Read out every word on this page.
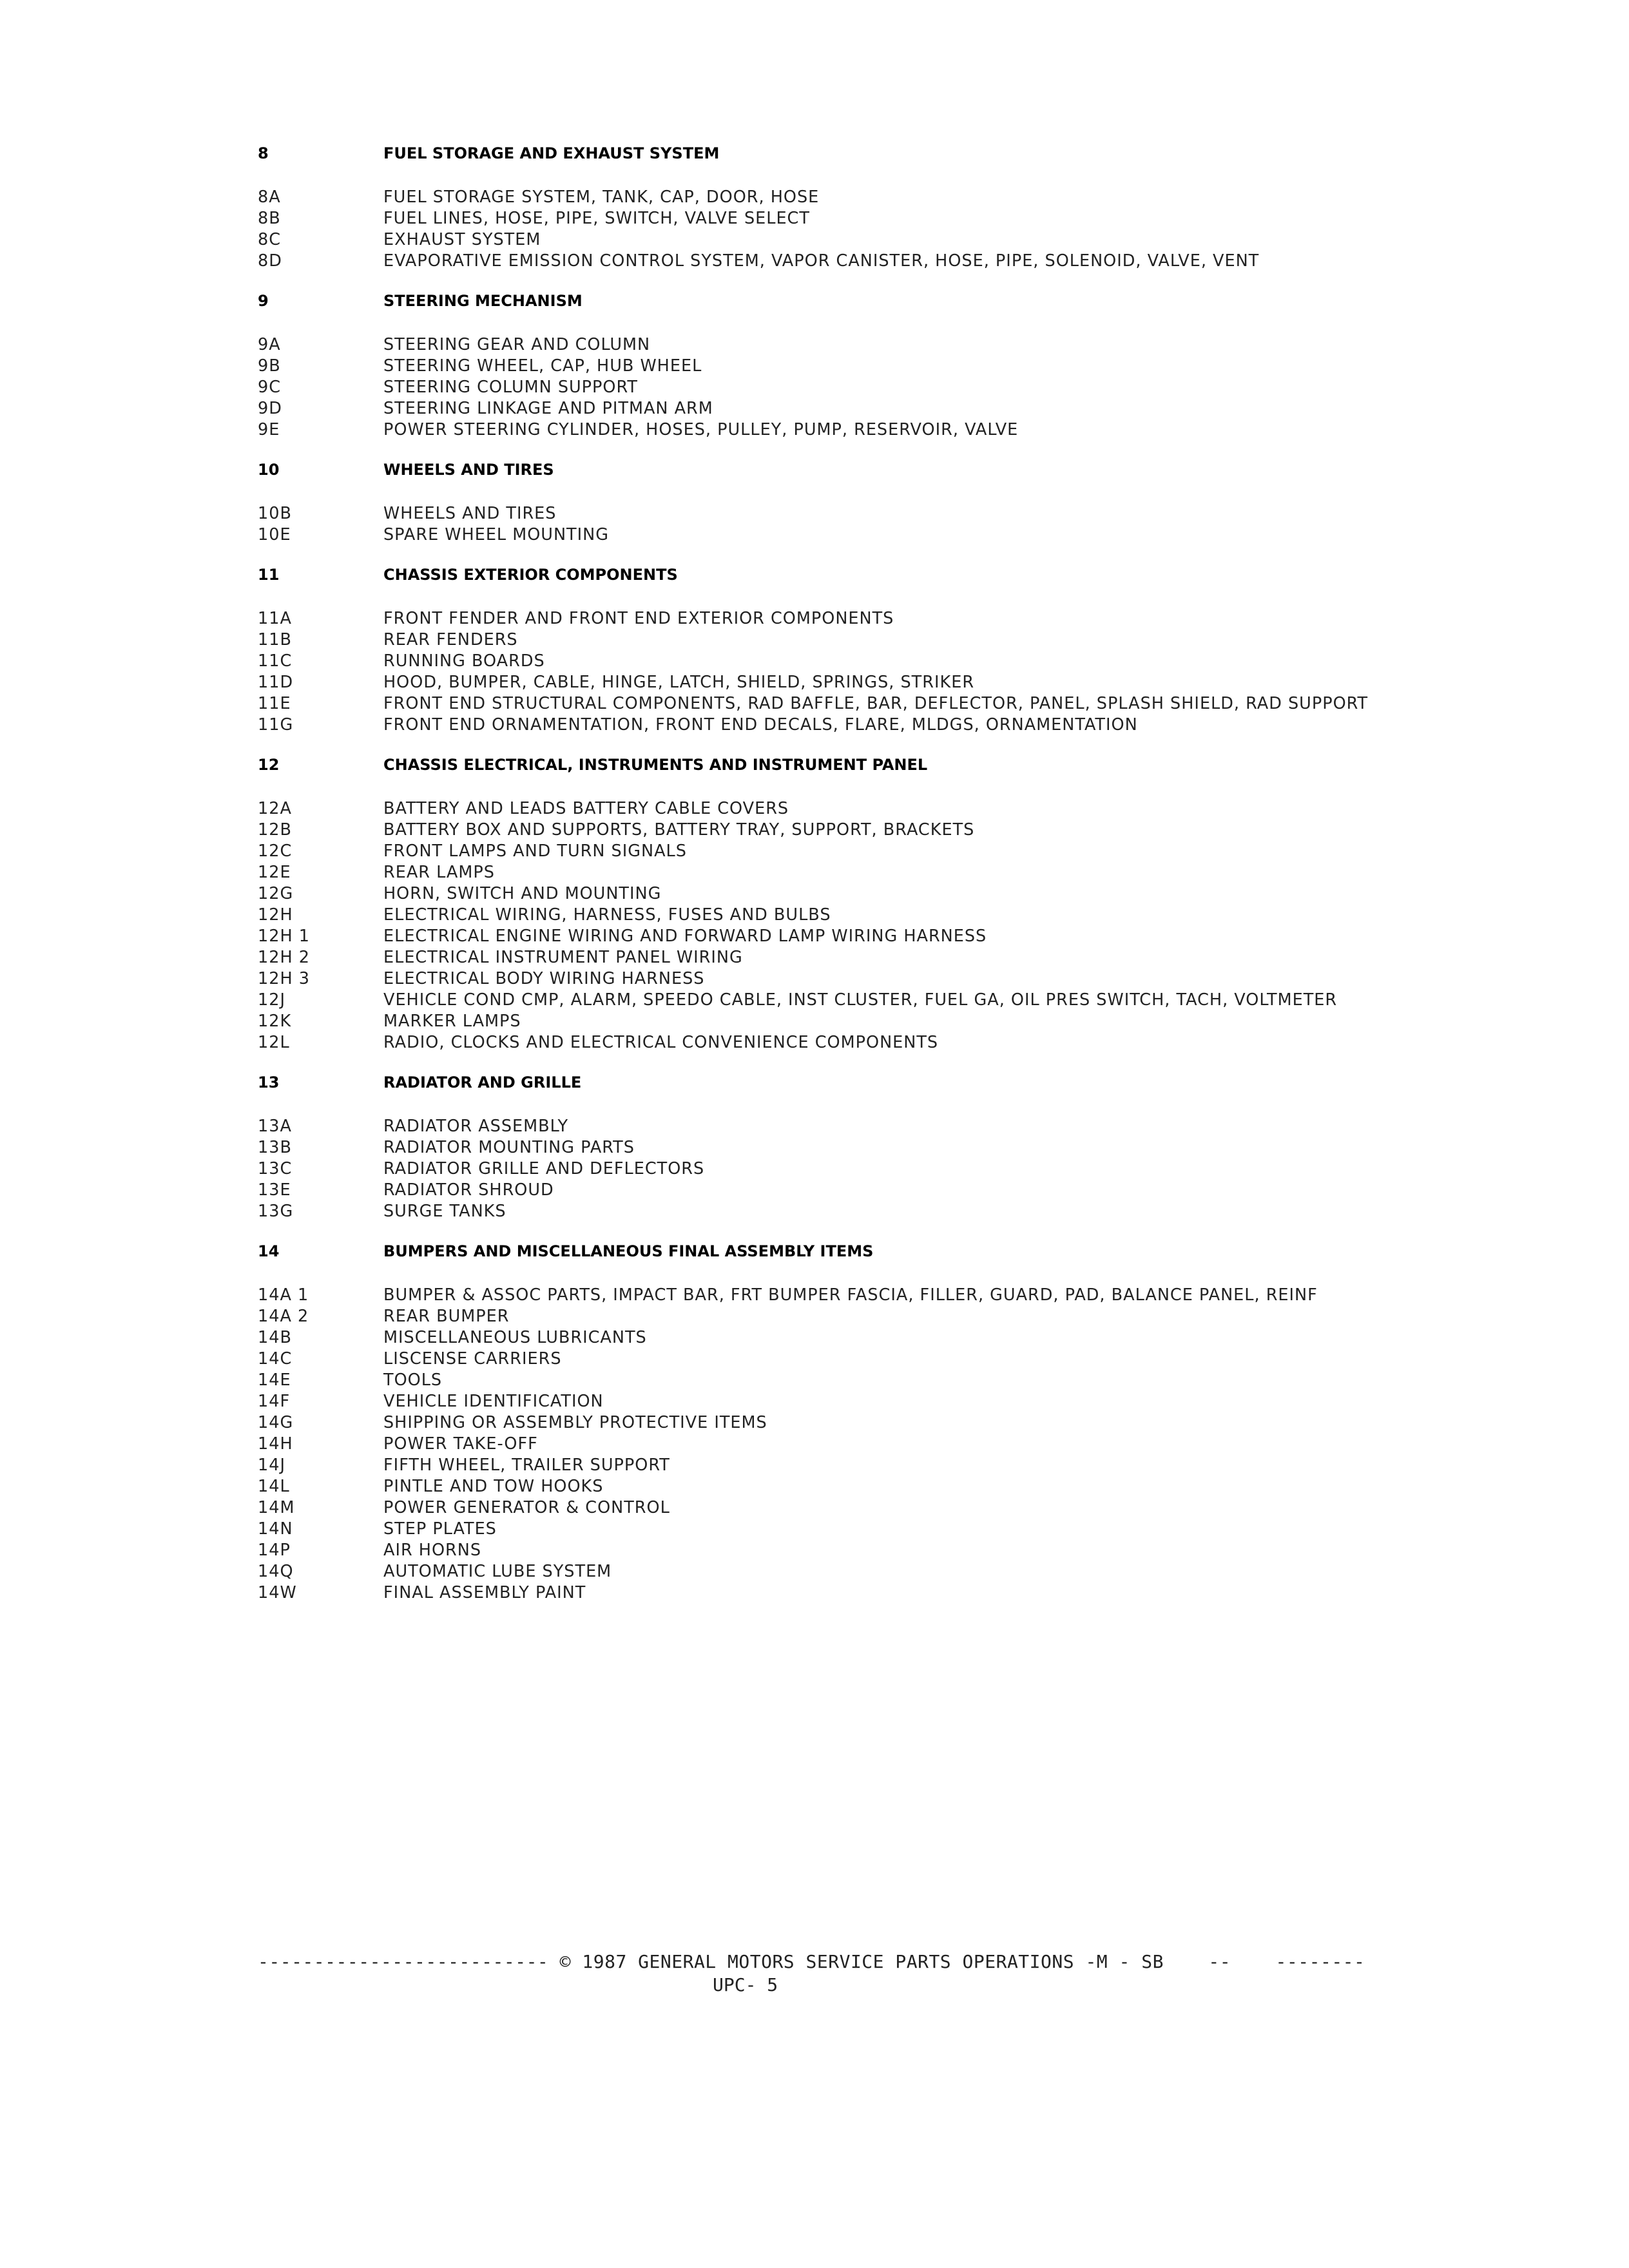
8	FUEL STORAGE AND EXHAUST SYSTEM
8A	FUEL STORAGE SYSTEM, TANK, CAP, DOOR, HOSE
8B	FUEL LINES, HOSE, PIPE, SWITCH, VALVE SELECT
8C	EXHAUST SYSTEM
8D	EVAPORATIVE EMISSION CONTROL SYSTEM, VAPOR CANISTER, HOSE, PIPE, SOLENOID, VALVE, VENT
9	STEERING MECHANISM
9A	STEERING GEAR AND COLUMN
9B	STEERING WHEEL, CAP, HUB WHEEL
9C	STEERING COLUMN SUPPORT
9D	STEERING LINKAGE AND PITMAN ARM
9E	POWER STEERING CYLINDER, HOSES, PULLEY, PUMP, RESERVOIR, VALVE
10	WHEELS AND TIRES
10B	WHEELS AND TIRES
10E	SPARE WHEEL MOUNTING
11	CHASSIS EXTERIOR COMPONENTS
11A	FRONT FENDER AND FRONT END EXTERIOR COMPONENTS
11B	REAR FENDERS
11C	RUNNING BOARDS
11D	HOOD, BUMPER, CABLE, HINGE, LATCH, SHIELD, SPRINGS, STRIKER
11E	FRONT END STRUCTURAL COMPONENTS, RAD BAFFLE, BAR, DEFLECTOR, PANEL, SPLASH SHIELD, RAD SUPPORT
11G	FRONT END ORNAMENTATION, FRONT END DECALS, FLARE, MLDGS, ORNAMENTATION
12	CHASSIS ELECTRICAL, INSTRUMENTS AND INSTRUMENT PANEL
12A	BATTERY AND LEADS BATTERY CABLE COVERS
12B	BATTERY BOX AND SUPPORTS, BATTERY TRAY, SUPPORT, BRACKETS
12C	FRONT LAMPS AND TURN SIGNALS
12E	REAR LAMPS
12G	HORN, SWITCH AND MOUNTING
12H	ELECTRICAL WIRING, HARNESS, FUSES AND BULBS
12H 1	ELECTRICAL ENGINE WIRING AND FORWARD LAMP WIRING HARNESS
12H 2	ELECTRICAL INSTRUMENT PANEL WIRING
12H 3	ELECTRICAL BODY WIRING HARNESS
12J	VEHICLE COND CMP, ALARM, SPEEDO CABLE, INST CLUSTER, FUEL GA, OIL PRES SWITCH, TACH, VOLTMETER
12K	MARKER LAMPS
12L	RADIO, CLOCKS AND ELECTRICAL CONVENIENCE COMPONENTS
13	RADIATOR AND GRILLE
13A	RADIATOR ASSEMBLY
13B	RADIATOR MOUNTING PARTS
13C	RADIATOR GRILLE AND DEFLECTORS
13E	RADIATOR SHROUD
13G	SURGE TANKS
14	BUMPERS AND MISCELLANEOUS FINAL ASSEMBLY ITEMS
14A 1	BUMPER & ASSOC PARTS, IMPACT BAR, FRT BUMPER FASCIA, FILLER, GUARD, PAD, BALANCE PANEL, REINF
14A 2	REAR BUMPER
14B	MISCELLANEOUS LUBRICANTS
14C	LISCENSE CARRIERS
14E	TOOLS
14F	VEHICLE IDENTIFICATION
14G	SHIPPING OR ASSEMBLY PROTECTIVE ITEMS
14H	POWER TAKE-OFF
14J	FIFTH WHEEL, TRAILER SUPPORT
14L	PINTLE AND TOW HOOKS
14M	POWER GENERATOR & CONTROL
14N	STEP PLATES
14P	AIR HORNS
14Q	AUTOMATIC LUBE SYSTEM
14W	FINAL ASSEMBLY PAINT
-------------------------- © 1987 GENERAL MOTORS SERVICE PARTS OPERATIONS -M - SB    --    --------
UPC- 5
